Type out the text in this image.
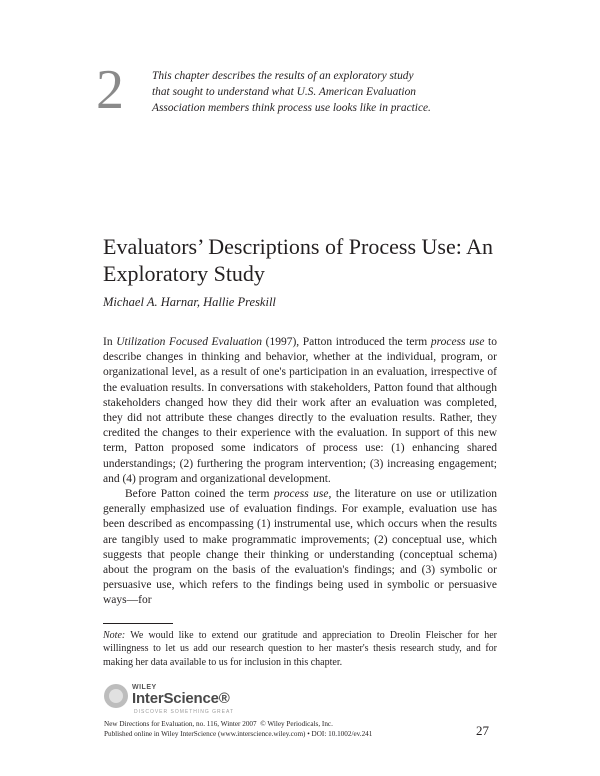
2 This chapter describes the results of an exploratory study that sought to understand what U.S. American Evaluation Association members think process use looks like in practice.
Evaluators’ Descriptions of Process Use: An Exploratory Study
Michael A. Harnar, Hallie Preskill

In Utilization Focused Evaluation (1997), Patton introduced the term process use to describe changes in thinking and behavior, whether at the individual, program, or organizational level, as a result of one's participation in an evaluation, irrespective of the evaluation results. In conversations with stakeholders, Patton found that although stakeholders changed how they did their work after an evaluation was completed, they did not attribute these changes directly to the evaluation results. Rather, they credited the changes to their experience with the evaluation. In support of this new term, Patton proposed some indicators of process use: (1) enhancing shared understandings; (2) furthering the program intervention; (3) increasing engagement; and (4) program and organizational development.

Before Patton coined the term process use, the literature on use or utilization generally emphasized use of evaluation findings. For example, evaluation use has been described as encompassing (1) instrumental use, which occurs when the results are tangibly used to make programmatic improvements; (2) conceptual use, which suggests that people change their thinking or understanding (conceptual schema) about the program on the basis of the evaluation's findings; and (3) symbolic or persuasive use, which refers to the findings being used in symbolic or persuasive ways—for

Note: We would like to extend our gratitude and appreciation to Dreolin Fleischer for her willingness to let us add our research question to her master's thesis research study, and for making her data available to us for inclusion in this chapter.
WILEY
InterScience®
DISCOVER SOMETHING GREAT
New Directions for Evaluation, no. 116, Winter 2007  © Wiley Periodicals, Inc.
Published online in Wiley InterScience (www.interscience.wiley.com) • DOI: 10.1002/ev.241	27
